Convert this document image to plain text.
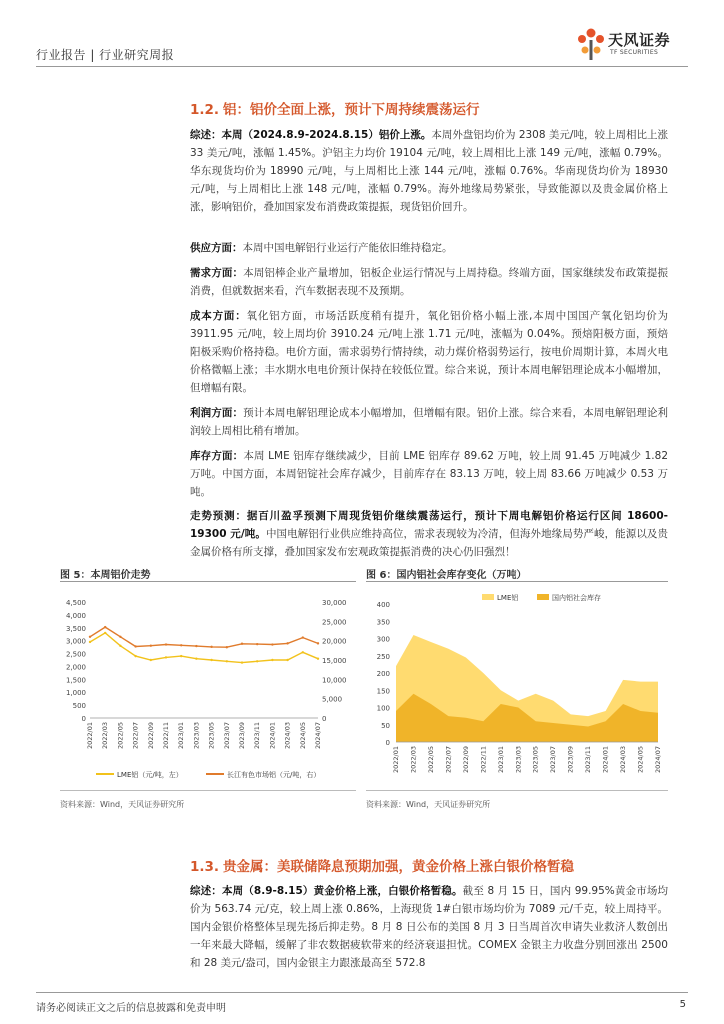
行业报告 | 行业研究周报
天风证券
TF SECURITIES
1.2. 铝：铝价全面上涨，预计下周持续震荡运行
综述：本周（2024.8.9-2024.8.15）铝价上涨。本周外盘铝均价为 2308 美元/吨，较上周相比上涨 33 美元/吨，涨幅 1.45%。沪铝主力均价 19104 元/吨，较上周相比上涨 149 元/吨，涨幅 0.79%。华东现货均价为 18990 元/吨，与上周相比上涨 144 元/吨，涨幅 0.76%。华南现货均价为 18930 元/吨，与上周相比上涨 148 元/吨，涨幅 0.79%。海外地缘局势紧张，导致能源以及贵金属价格上涨，影响铝价，叠加国家发布消费政策提振，现货铝价回升。
供应方面：本周中国电解铝行业运行产能依旧维持稳定。
需求方面：本周铝棒企业产量增加，铝板企业运行情况与上周持稳。终端方面，国家继续发布政策提振消费，但就数据来看，汽车数据表现不及预期。
成本方面：氧化铝方面，市场活跃度稍有提升，氧化铝价格小幅上涨,本周中国国产氧化铝均价为 3911.95 元/吨，较上周均价 3910.24 元/吨上涨 1.71 元/吨，涨幅为 0.04%。预焙阳极方面，预焙阳极采购价格持稳。电价方面，需求弱势行情持续，动力煤价格弱势运行，按电价周期计算，本周火电价格微幅上涨；丰水期水电电价预计保持在较低位置。综合来说，预计本周电解铝理论成本小幅增加，但增幅有限。
利润方面：预计本周电解铝理论成本小幅增加，但增幅有限。铝价上涨。综合来看，本周电解铝理论利润较上周相比稍有增加。
库存方面：本周 LME 铝库存继续减少，目前 LME 铝库存 89.62 万吨，较上周 91.45 万吨减少 1.82 万吨。中国方面，本周铝锭社会库存减少，目前库存在 83.13 万吨，较上周 83.66 万吨减少 0.53 万吨。
走势预测：据百川盈孚预测下周现货铝价继续震荡运行，预计下周电解铝价格运行区间 18600-19300 元/吨。中国电解铝行业供应维持高位，需求表现较为冷清，但海外地缘局势严峻，能源以及贵金属价格有所支撑，叠加国家发布宏观政策提振消费的决心仍旧强烈！
图 5：本周铝价走势
0
500
1,000
1,500
2,000
2,500
3,000
3,500
4,000
4,500
0
5,000
10,000
15,000
20,000
25,000
30,000
2022/01 2022/03 2022/05 2022/07 2022/09 2022/11 2023/01 2023/03 2023/05 2023/07 2023/09 2023/11 2024/01 2024/03 2024/05 2024/07
LME铝（元/吨，左）	长江有色市场铝（元/吨，右）
资料来源：Wind，天风证券研究所
图 6：国内铝社会库存变化（万吨）
0
50
100
150
200
250
300
350
400
2022/01 2022/03 2022/05 2022/07 2022/09 2022/11 2023/01 2023/03 2023/05 2023/07 2023/09 2023/11 2024/01 2024/03 2024/05 2024/07
LME铝	国内铝社会库存
资料来源：Wind，天风证券研究所
1.3. 贵金属：美联储降息预期加强，黄金价格上涨白银价格暂稳
综述：本周（8.9-8.15）黄金价格上涨，白银价格暂稳。截至 8 月 15 日，国内 99.95%黄金市场均价为 563.74 元/克，较上周上涨 0.86%，上海现货 1#白银市场均价为 7089 元/千克，较上周持平。国内金银价格整体呈现先扬后抑走势。8 月 8 日公布的美国 8 月 3 日当周首次申请失业救济人数创出一年来最大降幅，缓解了非农数据疲软带来的经济衰退担忧。COMEX 金银主力收盘分别回涨出 2500 和 28 美元/盎司，国内金银主力跟涨最高至 572.8
请务必阅读正文之后的信息披露和免责申明	5
